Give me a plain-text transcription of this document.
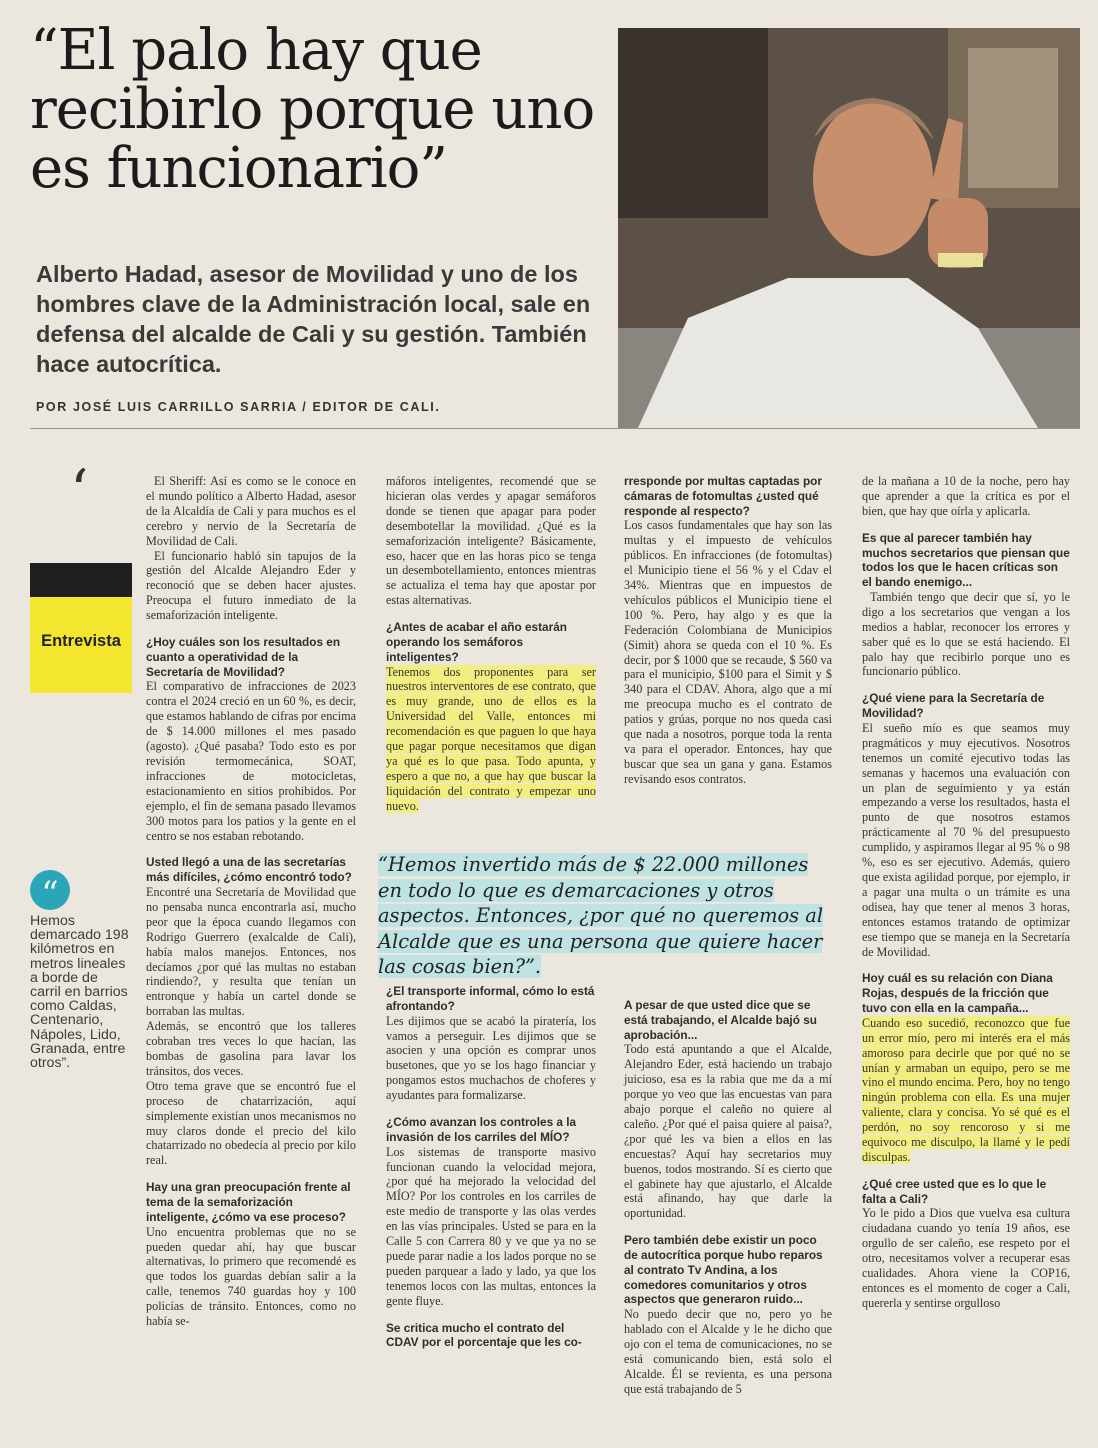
“El palo hay que recibirlo porque uno es funcionario”
Alberto Hadad, asesor de Movilidad y uno de los hombres clave de la Administración local, sale en defensa del alcalde de Cali y su gestión. También hace autocrítica.
POR JOSÉ LUIS CARRILLO SARRIA / EDITOR DE CALI.
‘
Entrevista
“
Hemos demarcado 198 kilómetros en metros lineales a borde de carril en barrios como Caldas, Centenario, Nápoles, Lido, Granada, entre otros”.

El Sheriff: Así es como se le conoce en el mundo político a Alberto Hadad, asesor de la Alcaldía de Cali y para muchos es el cerebro y nervio de la Secretaría de Movilidad de Cali.

El funcionario habló sin tapujos de la gestión del Alcalde Alejandro Eder y reconoció que se deben hacer ajustes. Preocupa el futuro inmediato de la semaforización inteligente.

¿Hoy cuáles son los resultados en cuanto a operatividad de la Secretaría de Movilidad?

El comparativo de infracciones de 2023 contra el 2024 creció en un 60 %, es decir, que estamos hablando de cifras por encima de $ 14.000 millones el mes pasado (agosto). ¿Qué pasaba? Todo esto es por revisión termomecánica, SOAT, infracciones de motocicletas, estacionamiento en sitios prohibidos. Por ejemplo, el fin de semana pasado llevamos 300 motos para los patios y la gente en el centro se nos estaban rebotando.

Usted llegó a una de las secretarías más difíciles, ¿cómo encontró todo?

Encontré una Secretaría de Movilidad que no pensaba nunca encontrarla así, mucho peor que la época cuando llegamos con Rodrigo Guerrero (exalcalde de Cali), había malos manejos. Entonces, nos decíamos ¿por qué las multas no estaban rindiendo?, y resulta que tenían un entronque y había un cartel donde se borraban las multas.

Además, se encontró que los talleres cobraban tres veces lo que hacían, las bombas de gasolina para lavar los tránsitos, dos veces.

Otro tema grave que se encontró fue el proceso de chatarrización, aquí simplemente existían unos mecanismos no muy claros donde el precio del kilo chatarrizado no obedecía al precio por kilo real.

Hay una gran preocupación frente al tema de la semaforización inteligente, ¿cómo va ese proceso?

Uno encuentra problemas que no se pueden quedar ahí, hay que buscar alternativas, lo primero que recomendé es que todos los guardas debían salir a la calle, tenemos 740 guardas hoy y 100 policías de tránsito. Entonces, como no había se-

máforos inteligentes, recomendé que se hicieran olas verdes y apagar semáforos donde se tienen que apagar para poder desembotellar la movilidad. ¿Qué es la semaforización inteligente? Básicamente, eso, hacer que en las horas pico se tenga un desembotellamiento, entonces mientras se actualiza el tema hay que apostar por estas alternativas.

¿Antes de acabar el año estarán operando los semáforos inteligentes?

Tenemos dos proponentes para ser nuestros interventores de ese contrato, que es muy grande, uno de ellos es la Universidad del Valle, entonces mi recomendación es que paguen lo que haya que pagar porque necesitamos que digan ya qué es lo que pasa. Todo apunta, y espero a que no, a que hay que buscar la liquidación del contrato y empezar uno nuevo.

¿El transporte informal, cómo lo está afrontando?

Les dijimos que se acabó la piratería, los vamos a perseguir. Les dijimos que se asocien y una opción es comprar unos busetones, que yo se los hago financiar y pongamos estos muchachos de choferes y ayudantes para formalizarse.

¿Cómo avanzan los controles a la invasión de los carriles del MÍO?

Los sistemas de transporte masivo funcionan cuando la velocidad mejora, ¿por qué ha mejorado la velocidad del MÍO? Por los controles en los carriles de este medio de transporte y las olas verdes en las vías principales. Usted se para en la Calle 5 con Carrera 80 y ve que ya no se puede parar nadie a los lados porque no se pueden parquear a lado y lado, ya que los tenemos locos con las multas, entonces la gente fluye.

Se critica mucho el contrato del CDAV por el porcentaje que les co-

rresponde por multas captadas por cámaras de fotomultas ¿usted qué responde al respecto?

Los casos fundamentales que hay son las multas y el impuesto de vehículos públicos. En infracciones (de fotomultas) el Municipio tiene el 56 % y el Cdav el 34%. Mientras que en impuestos de vehículos públicos el Municipio tiene el 100 %. Pero, hay algo y es que la Federación Colombiana de Municipios (Simit) ahora se queda con el 10 %. Es decir, por $ 1000 que se recaude, $ 560 va para el municipio, $100 para el Simit y $ 340 para el CDAV. Ahora, algo que a mí me preocupa mucho es el contrato de patios y grúas, porque no nos queda casi que nada a nosotros, porque toda la renta va para el operador. Entonces, hay que buscar que sea un gana y gana. Estamos revisando esos contratos.

A pesar de que usted dice que se está trabajando, el Alcalde bajó su aprobación...

Todo está apuntando a que el Alcalde, Alejandro Eder, está haciendo un trabajo juicioso, esa es la rabia que me da a mí porque yo veo que las encuestas van para abajo porque el caleño no quiere al caleño. ¿Por qué el paisa quiere al paisa?, ¿por qué les va bien a ellos en las encuestas? Aquí hay secretarios muy buenos, todos mostrando. Sí es cierto que el gabinete hay que ajustarlo, el Alcalde está afinando, hay que darle la oportunidad.

Pero también debe existir un poco de autocrítica porque hubo reparos al contrato Tv Andina, a los comedores comunitarios y otros aspectos que generaron ruido...

No puedo decir que no, pero yo he hablado con el Alcalde y le he dicho que ojo con el tema de comunicaciones, no se está comunicando bien, está solo el Alcalde. Él se revienta, es una persona que está trabajando de 5

“Hemos invertido más de $ 22.000 millones en todo lo que es demarcaciones y otros aspectos. Entonces, ¿por qué no queremos al Alcalde que es una persona que quiere hacer las cosas bien?”.

de la mañana a 10 de la noche, pero hay que aprender a que la crítica es por el bien, que hay que oírla y aplicarla.

Es que al parecer también hay muchos secretarios que piensan que todos los que le hacen críticas son el bando enemigo...

También tengo que decir que sí, yo le digo a los secretarios que vengan a los medios a hablar, reconocer los errores y saber qué es lo que se está haciendo. El palo hay que recibirlo porque uno es funcionario público.

¿Qué viene para la Secretaría de Movilidad?

El sueño mío es que seamos muy pragmáticos y muy ejecutivos. Nosotros tenemos un comité ejecutivo todas las semanas y hacemos una evaluación con un plan de seguimiento y ya están empezando a verse los resultados, hasta el punto de que nosotros estamos prácticamente al 70 % del presupuesto cumplido, y aspiramos llegar al 95 % o 98 %, eso es ser ejecutivo. Además, quiero que exista agilidad porque, por ejemplo, ir a pagar una multa o un trámite es una odisea, hay que tener al menos 3 horas, entonces estamos tratando de optimizar ese tiempo que se maneja en la Secretaría de Movilidad.

Hoy cuál es su relación con Diana Rojas, después de la fricción que tuvo con ella en la campaña...

Cuando eso sucedió, reconozco que fue un error mío, pero mi interés era el más amoroso para decirle que por qué no se unían y armaban un equipo, pero se me vino el mundo encima. Pero, hoy no tengo ningún problema con ella. Es una mujer valiente, clara y concisa. Yo sé qué es el perdón, no soy rencoroso y si me equivoco me disculpo, la llamé y le pedí disculpas.

¿Qué cree usted que es lo que le falta a Cali?

Yo le pido a Dios que vuelva esa cultura ciudadana cuando yo tenía 19 años, ese orgullo de ser caleño, ese respeto por el otro, necesitamos volver a recuperar esas cualidades. Ahora viene la COP16, entonces es el momento de coger a Cali, quererla y sentirse orgulloso
